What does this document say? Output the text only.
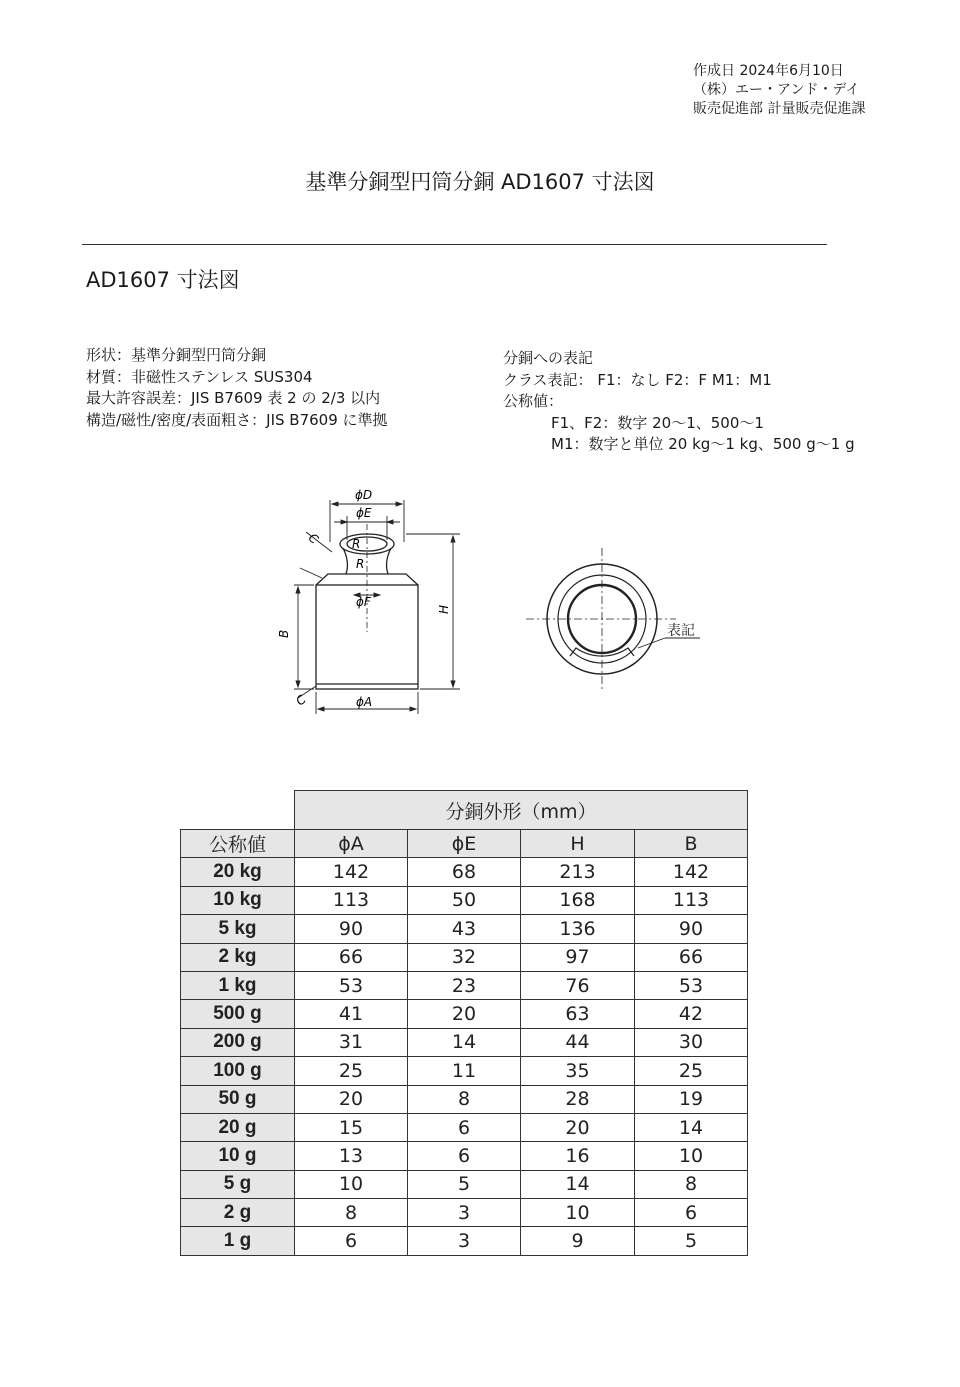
作成日 2024年6月10日
（株）エー・アンド・デイ
販売促進部 計量販売促進課
基準分銅型円筒分銅 AD1607 寸法図
AD1607 寸法図
形状：基準分銅型円筒分銅
材質：非磁性ステンレス SUS304
最大許容誤差：JIS B7609 表 2 の 2/3 以内
構造/磁性/密度/表面粗さ：JIS B7609 に準拠
分銅への表記
クラス表記： F1：なし F2：F M1：M1
公称値：
F1、F2：数字 20～1、500～1
M1：数字と単位 20 kg～1 kg、500 g～1 g
ϕD
ϕE
ϕF
ϕA
H
B
C
C
R
R
表記
	分銅外形（mm）			
公称値	ϕA	ϕE	H	B
20 kg	142	68	213	142
10 kg	113	50	168	113
5 kg	90	43	136	90
2 kg	66	32	97	66
1 kg	53	23	76	53
500 g	41	20	63	42
200 g	31	14	44	30
100 g	25	11	35	25
50 g	20	8	28	19
20 g	15	6	20	14
10 g	13	6	16	10
5 g	10	5	14	8
2 g	8	3	10	6
1 g	6	3	9	5
